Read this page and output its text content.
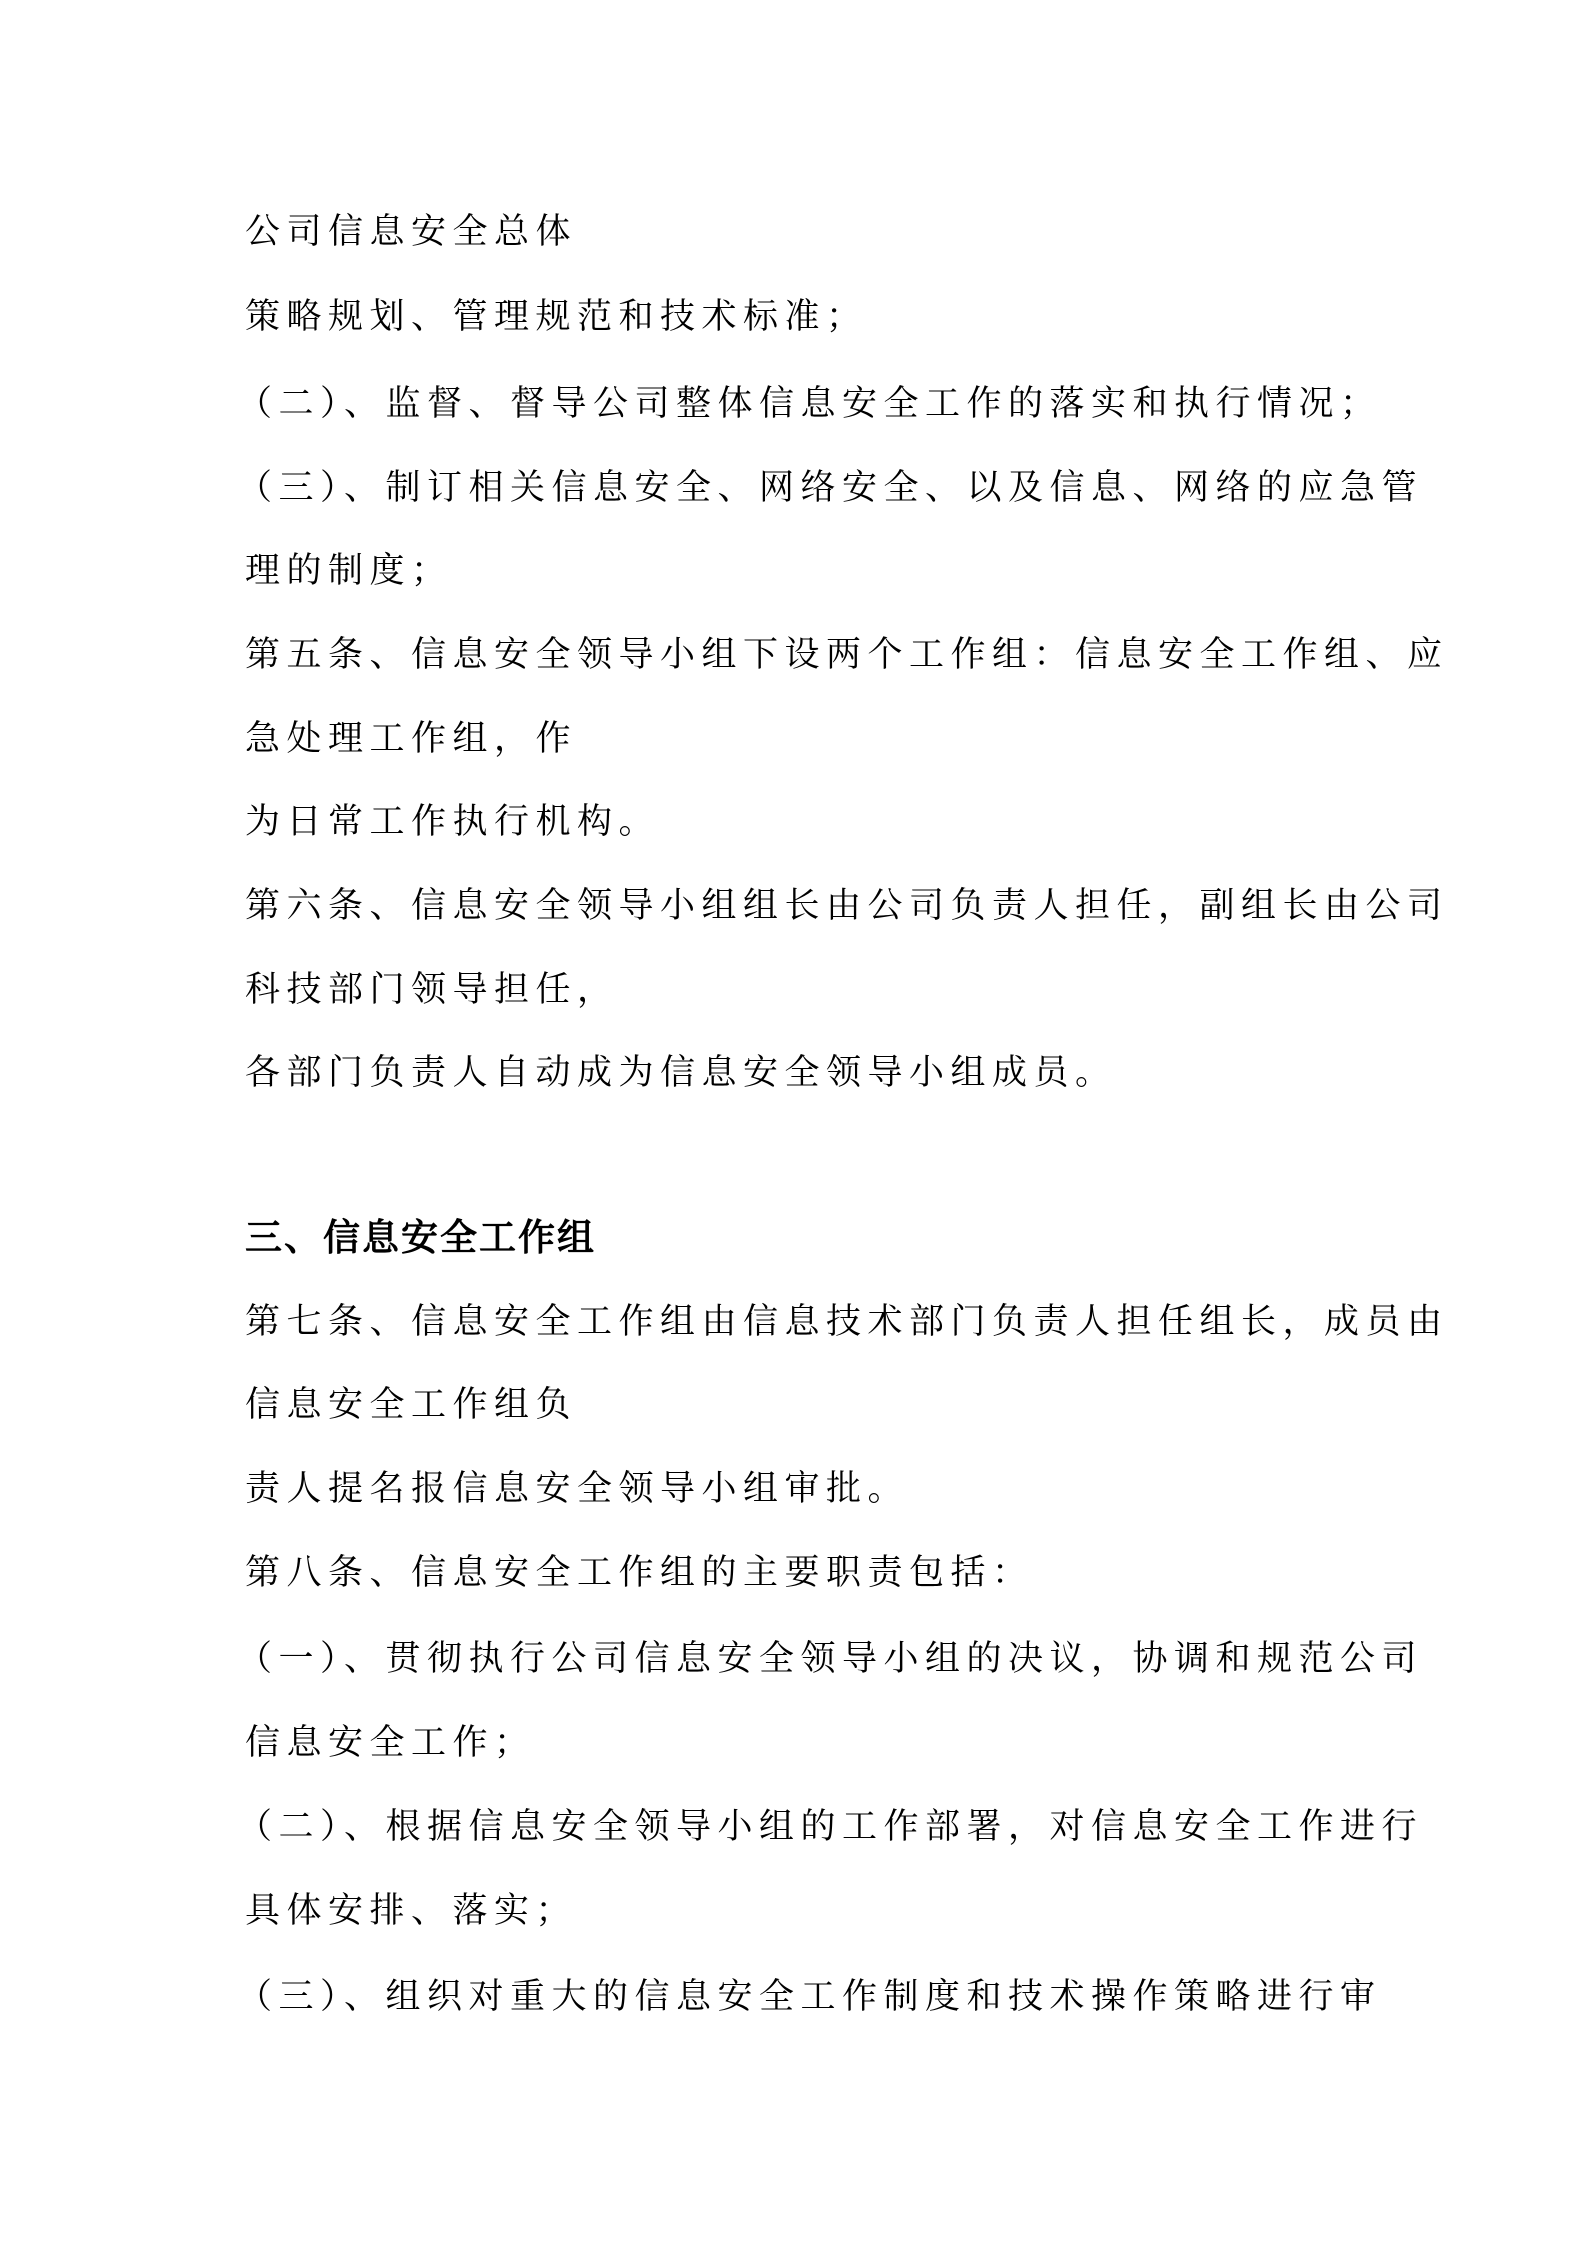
公司信息安全总体
策略规划、管理规范和技术标准；
（二）、监督、督导公司整体信息安全工作的落实和执行情况；
（三）、制订相关信息安全、网络安全、以及信息、网络的应急管
理的制度；
第五条、信息安全领导小组下设两个工作组：信息安全工作组、应
急处理工作组，作
为日常工作执行机构。
第六条、信息安全领导小组组长由公司负责人担任，副组长由公司
科技部门领导担任，
各部门负责人自动成为信息安全领导小组成员。
三、信息安全工作组
第七条、信息安全工作组由信息技术部门负责人担任组长，成员由
信息安全工作组负
责人提名报信息安全领导小组审批。
第八条、信息安全工作组的主要职责包括：
（一）、贯彻执行公司信息安全领导小组的决议，协调和规范公司
信息安全工作；
（二）、根据信息安全领导小组的工作部署，对信息安全工作进行
具体安排、落实；
（三）、组织对重大的信息安全工作制度和技术操作策略进行审
